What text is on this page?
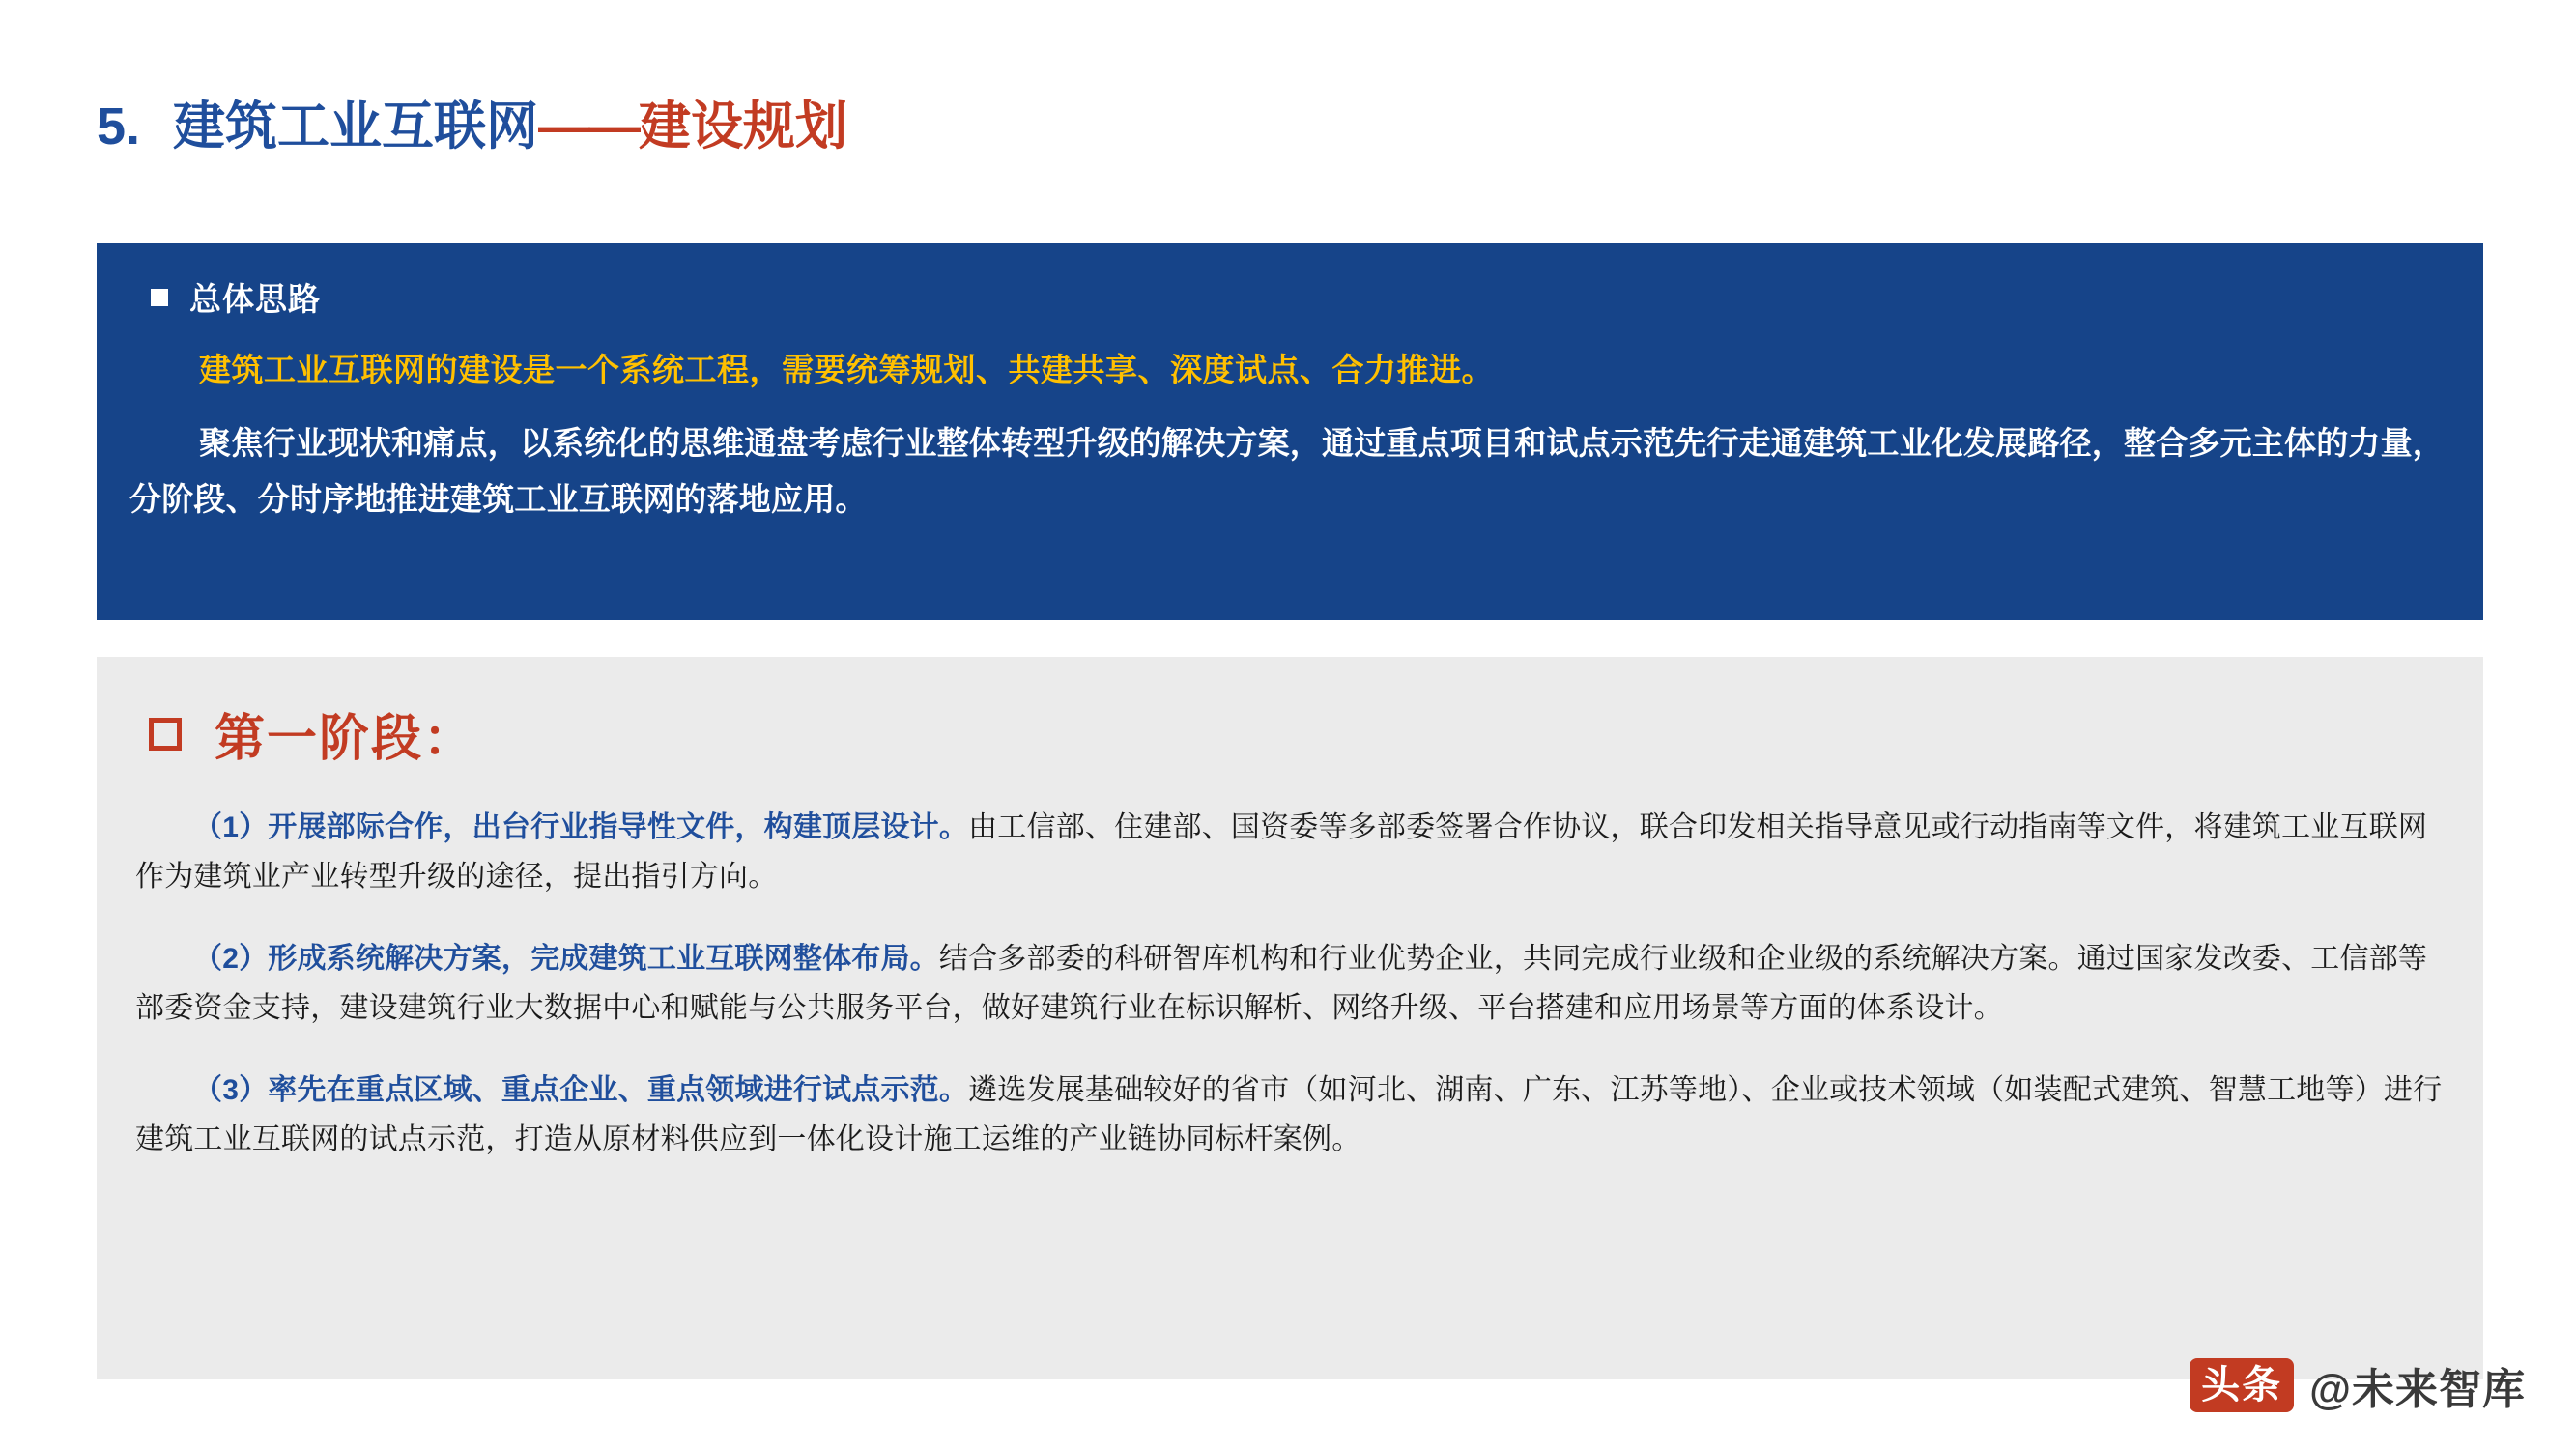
5. 建筑工业互联网 —— 建设规划
总体思路
建筑工业互联网的建设是一个系统工程，需要统筹规划、共建共享、深度试点、合力推进。
聚焦行业现状和痛点，以系统化的思维通盘考虑行业整体转型升级的解决方案，通过重点项目和试点示范先行走通建筑工业化发展路径，整合多元主体的力量，分阶段、分时序地推进建筑工业互联网的落地应用。
第一阶段：
（1）开展部际合作，出台行业指导性文件，构建顶层设计。由工信部、住建部、国资委等多部委签署合作协议，联合印发相关指导意见或行动指南等文件，将建筑工业互联网作为建筑业产业转型升级的途径，提出指引方向。
（2）形成系统解决方案，完成建筑工业互联网整体布局。结合多部委的科研智库机构和行业优势企业，共同完成行业级和企业级的系统解决方案。通过国家发改委、工信部等部委资金支持，建设建筑行业大数据中心和赋能与公共服务平台，做好建筑行业在标识解析、网络升级、平台搭建和应用场景等方面的体系设计。
（3）率先在重点区域、重点企业、重点领域进行试点示范。遴选发展基础较好的省市（如河北、湖南、广东、江苏等地）、企业或技术领域（如装配式建筑、智慧工地等）进行建筑工业互联网的试点示范，打造从原材料供应到一体化设计施工运维的产业链协同标杆案例。
头条 @未来智库
